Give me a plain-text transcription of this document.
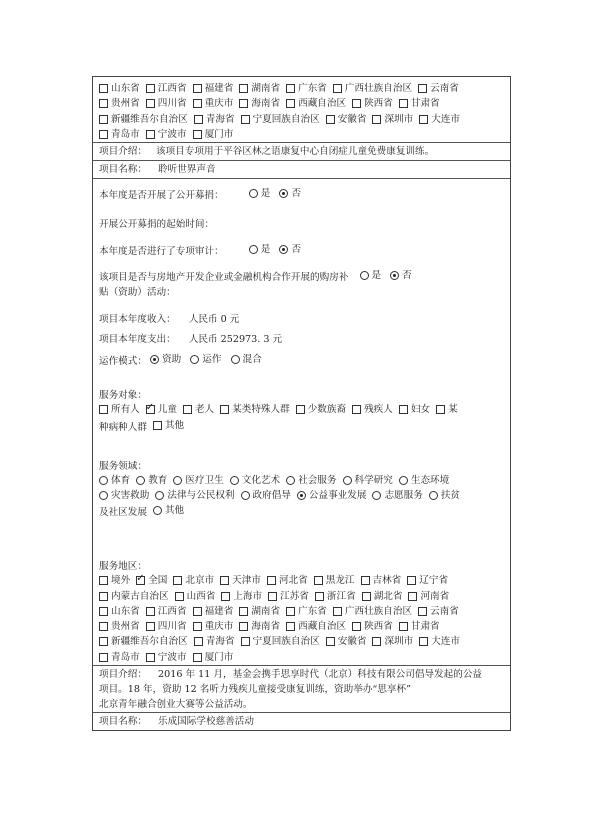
山东省 江西省 福建省 湖南省 广东省 广西壮族自治区 云南省
贵州省 四川省 重庆市 海南省 西藏自治区 陕西省 甘肃省
新疆维吾尔自治区 青海省 宁夏回族自治区 安徽省 深圳市 大连市
青岛市 宁波市 厦门市
项目介绍： 该项目专项用于平谷区林之语康复中心自闭症儿童免费康复训练。
项目名称： 聆听世界声音
本年度是否开展了公开募捐：	是
否
开展公开募捐的起始时间：
本年度是否进行了专项审计：	是
否
该项目是否与房地产开发企业或金融机构合作开展的购房补 是
否
贴（资助）活动：
项目本年度收入： 人民币 0 元
项目本年度支出： 人民币 252973. 3 元
运作模式： 资助
运作
混合
服务对象：
所有人 ✓ 儿童 老人 某类特殊人群 少数族裔 残疾人 妇女 某
种病种人群 其他
服务领域：
体育 教育 医疗卫生 文化艺术 社会服务 科学研究 生态环境
灾害救助 法律与公民权利 政府倡导 公益事业发展 志愿服务 扶贫
及社区发展 其他
服务地区：
境外 ✓ 全国 北京市 天津市 河北省 黑龙江 吉林省 辽宁省
内蒙古自治区 山西省 上海市 江苏省 浙江省 湖北省 河南省
山东省 江西省 福建省 湖南省 广东省 广西壮族自治区 云南省
贵州省 四川省 重庆市 海南省 西藏自治区 陕西省 甘肃省
新疆维吾尔自治区 青海省 宁夏回族自治区 安徽省 深圳市 大连市
青岛市 宁波市 厦门市
项目介绍： 2016 年 11 月，基金会携手思享时代（北京）科技有限公司倡导发起的公益
项目。18 年，资助 12 名听力残疾儿童接受康复训练，资助举办“思享杯”
北京青年融合创业大赛等公益活动。
项目名称： 乐成国际学校慈善活动
